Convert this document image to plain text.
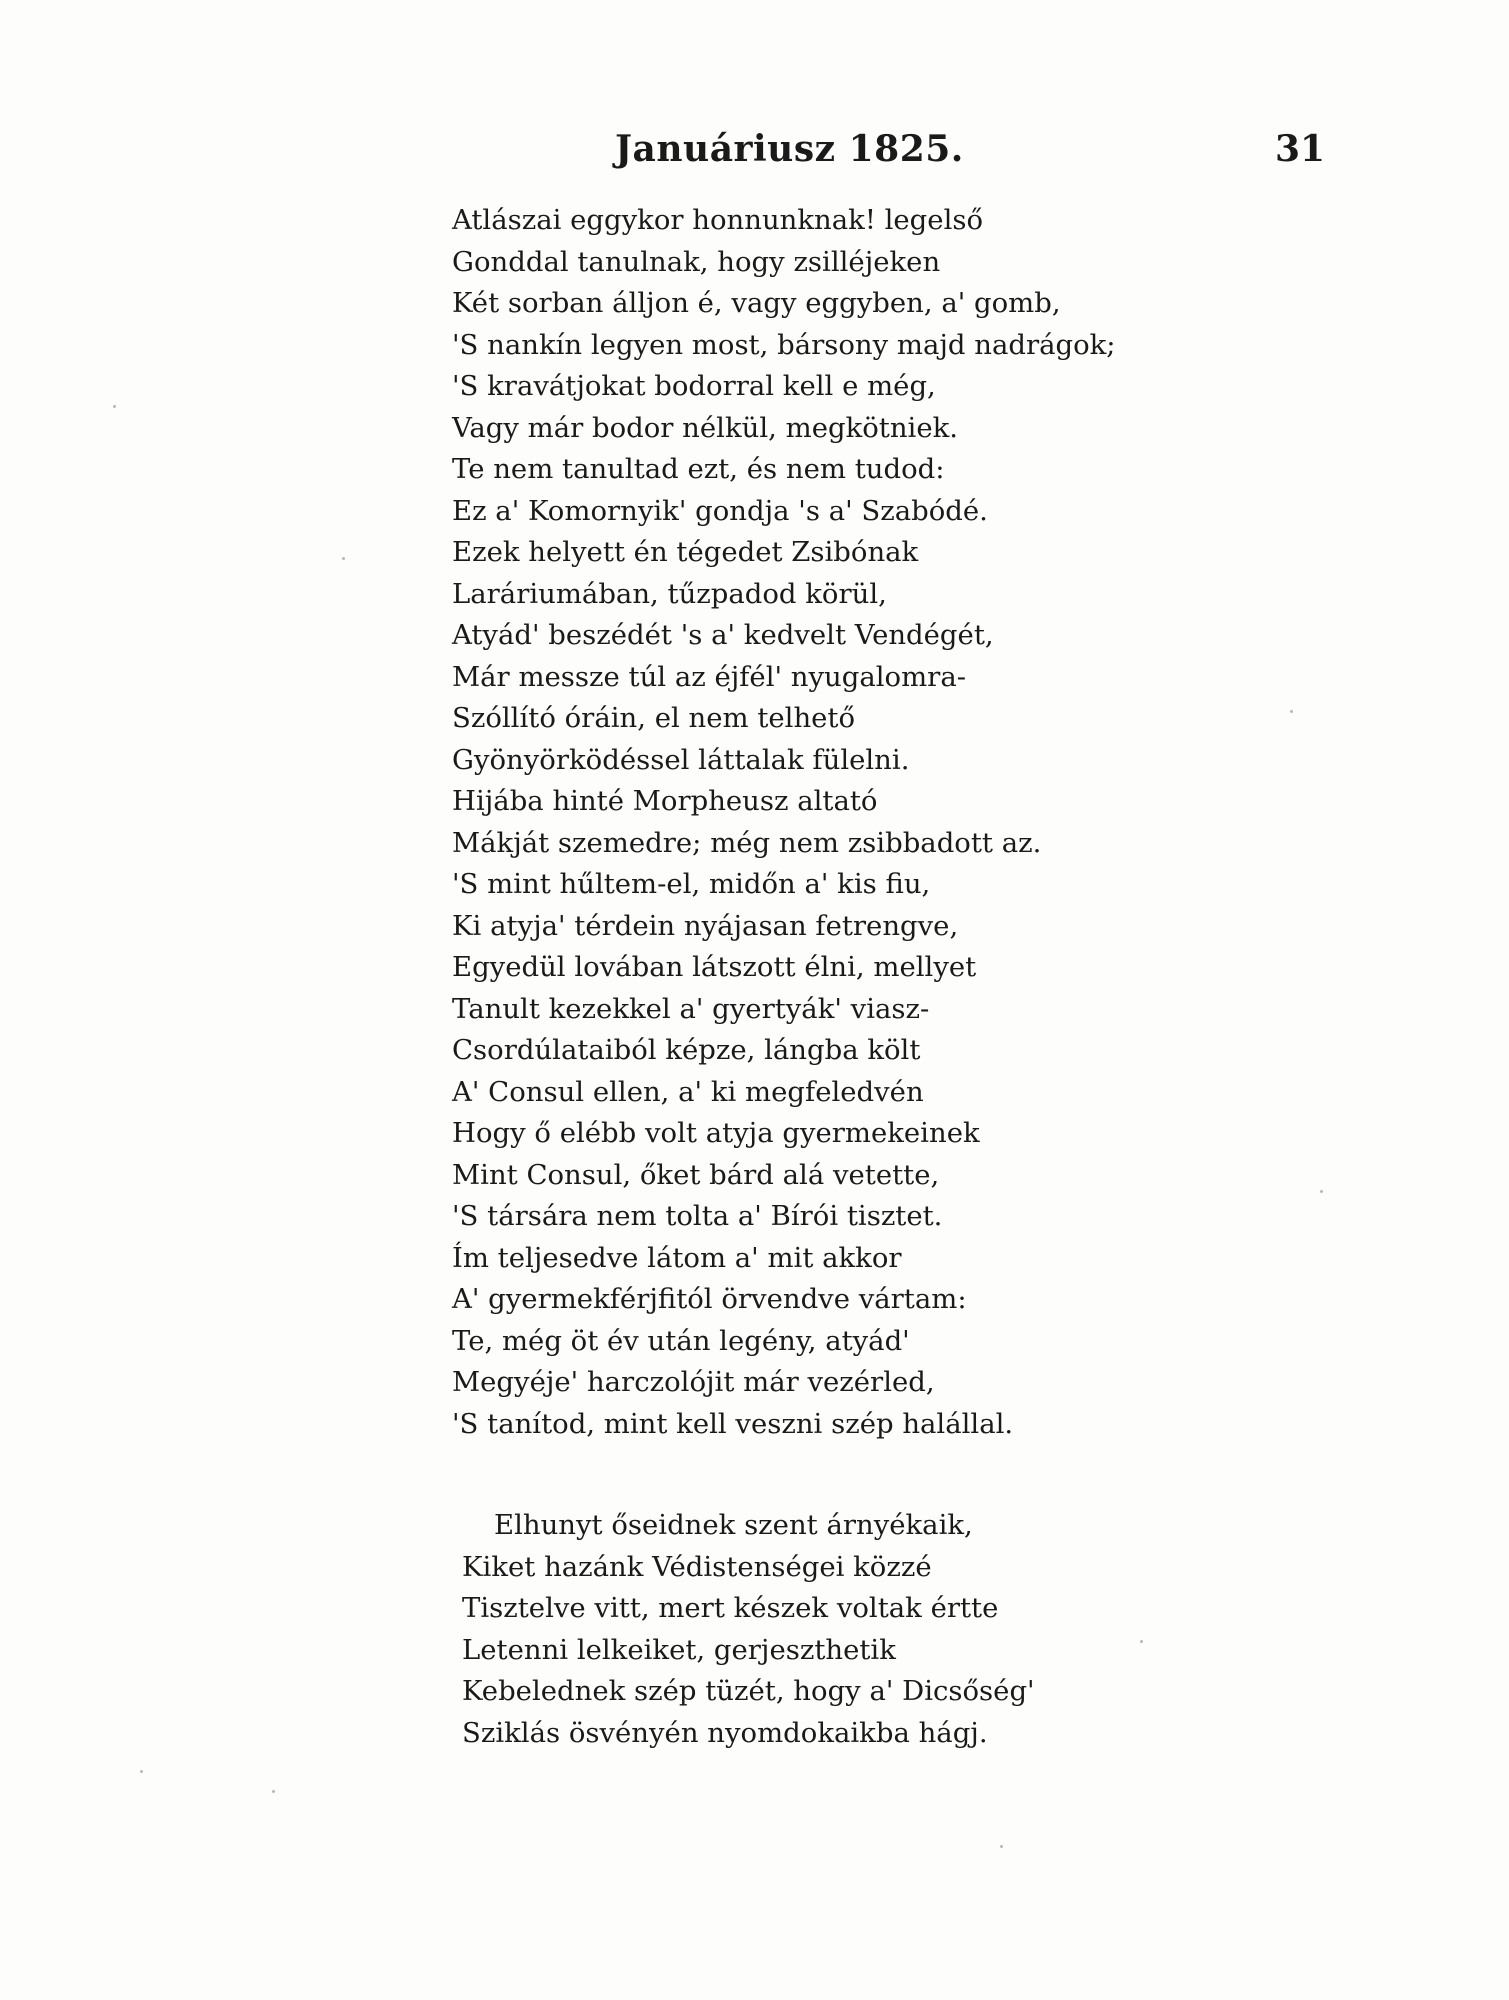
Januáriusz 1825.	31
Atlászai eggykor honnunknak! legelső
Gonddal tanulnak, hogy zsilléjeken
Két sorban álljon é, vagy eggyben, a' gomb,
'S nankín legyen most, bársony majd nadrágok;
'S kravátjokat bodorral kell e még,
Vagy már bodor nélkül, megkötniek.
Te nem tanultad ezt, és nem tudod:
Ez a' Komornyik' gondja 's a' Szabódé.
Ezek helyett én tégedet Zsibónak
Laráriumában, tűzpadod körül,
Atyád' beszédét 's a' kedvelt Vendégét,
Már messze túl az éjfél' nyugalomra-
Szóllító óráin, el nem telhető
Gyönyörködéssel láttalak fülelni.
Hijába hinté Morpheusz altató
Mákját szemedre; még nem zsibbadott az.
'S mint hűltem-el, midőn a' kis fiu,
Ki atyja' térdein nyájasan fetrengve,
Egyedül lovában látszott élni, mellyet
Tanult kezekkel a' gyertyák' viasz-
Csordúlataiból képze, lángba költ
A' Consul ellen, a' ki megfeledvén
Hogy ő elébb volt atyja gyermekeinek
Mint Consul, őket bárd alá vetette,
'S társára nem tolta a' Bírói tisztet.
Ím teljesedve látom a' mit akkor
A' gyermekférjfitól örvendve vártam:
Te, még öt év után legény, atyád'
Megyéje' harczolójit már vezérled,
'S tanítod, mint kell veszni szép halállal.
Elhunyt őseidnek szent árnyékaik,
Kiket hazánk Védistenségei közzé
Tisztelve vitt, mert készek voltak értte
Letenni lelkeiket, gerjeszthetik
Kebelednek szép tüzét, hogy a' Dicsőség'
Sziklás ösvényén nyomdokaikba hágj.
